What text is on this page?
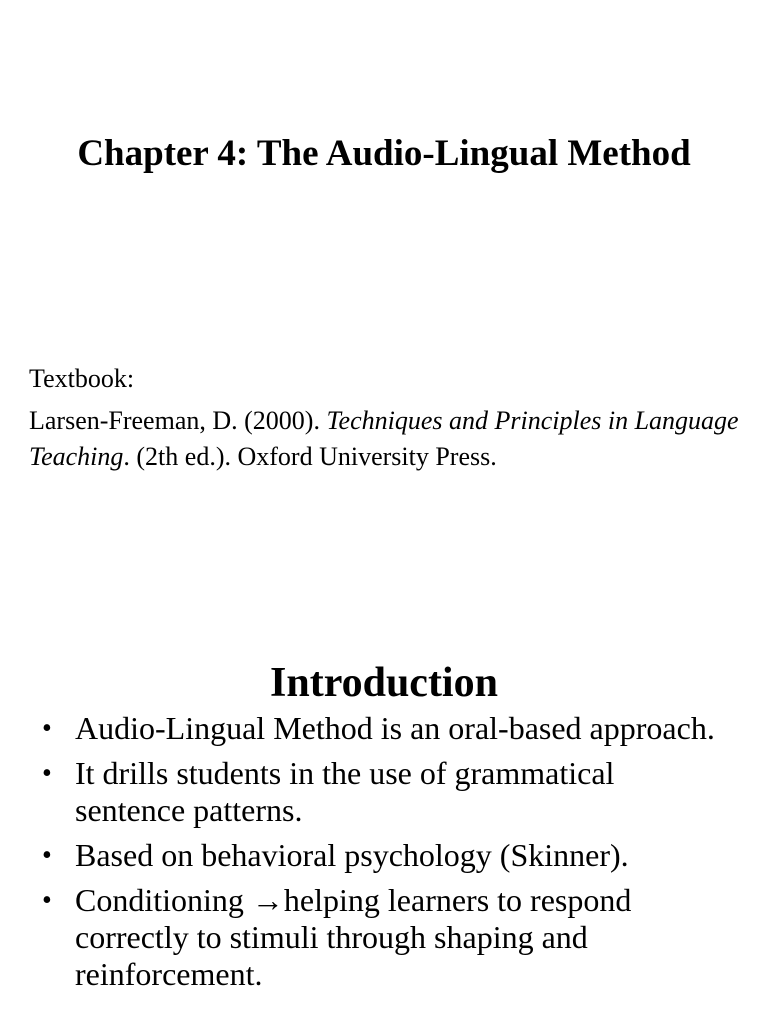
Chapter 4: The Audio-Lingual Method

Textbook:

Larsen-Freeman, D. (2000). Techniques and Principles in Language Teaching. (2th ed.). Oxford University Press.

Introduction
• Audio-Lingual Method is an oral-based approach.
• It drills students in the use of grammatical sentence patterns.
• Based on behavioral psychology (Skinner).
• Conditioning →helping learners to respond correctly to stimuli through shaping and reinforcement.
